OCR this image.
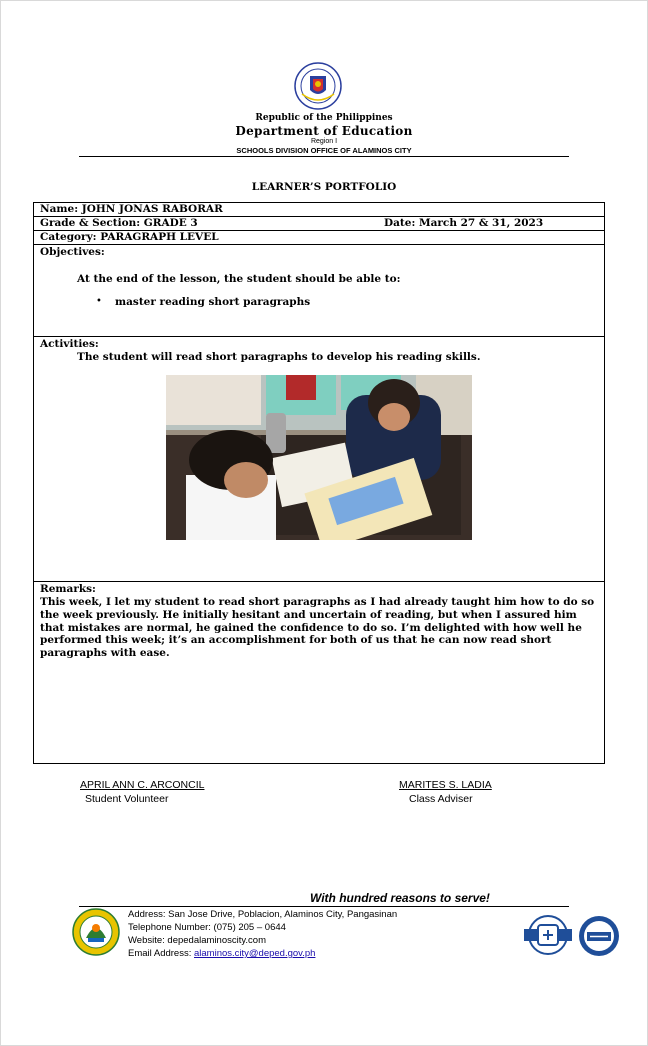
Republic of the Philippines
Department of Education
Region I
SCHOOLS DIVISION OFFICE OF ALAMINOS CITY
LEARNER’S PORTFOLIO
Name: JOHN JONAS RABORAR
Grade & Section: GRADE 3	Date: March 27 & 31, 2023
Category: PARAGRAPH LEVEL
Objectives:
At the end of the lesson, the student should be able to:
• master reading short paragraphs
Activities:
The student will read short paragraphs to develop his reading skills.
Remarks:
This week, I let my student to read short paragraphs as I had already taught him how to do so the week previously. He initially hesitant and uncertain of reading, but when I assured him that mistakes are normal, he gained the confidence to do so. I’m delighted with how well he performed this week; it’s an accomplishment for both of us that he can now read short paragraphs with ease.
APRIL ANN C. ARCONCIL
Student Volunteer
MARITES S. LADIA
Class Adviser
With hundred reasons to serve!
Address: San Jose Drive, Poblacion, Alaminos City, Pangasinan
Telephone Number: (075) 205 – 0644
Website: depedalaminoscity.com
Email Address: alaminos.city@deped.gov.ph
